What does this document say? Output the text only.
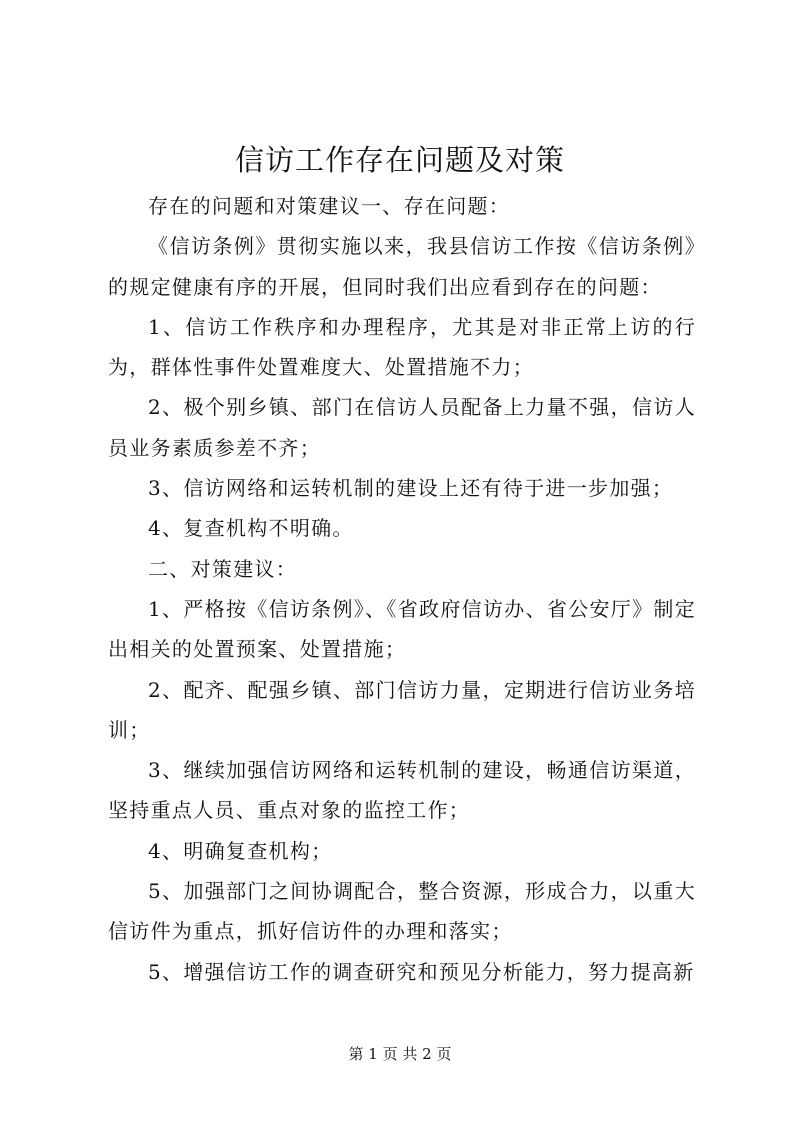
信访工作存在问题及对策

存在的问题和对策建议一、存在问题：

《信访条例》贯彻实施以来，我县信访工作按《信访条例》的规定健康有序的开展，但同时我们出应看到存在的问题：

1、信访工作秩序和办理程序，尤其是对非正常上访的行为，群体性事件处置难度大、处置措施不力；

2、极个别乡镇、部门在信访人员配备上力量不强，信访人员业务素质参差不齐；

3、信访网络和运转机制的建设上还有待于进一步加强；

4、复查机构不明确。

二、对策建议：

1、严格按《信访条例》、《省政府信访办、省公安厅》制定出相关的处置预案、处置措施；

2、配齐、配强乡镇、部门信访力量，定期进行信访业务培训；

3、继续加强信访网络和运转机制的建设，畅通信访渠道，坚持重点人员、重点对象的监控工作；

4、明确复查机构；

5、加强部门之间协调配合，整合资源，形成合力，以重大信访件为重点，抓好信访件的办理和落实；

5、增强信访工作的调查研究和预见分析能力，努力提高新

第 1 页 共 2 页
